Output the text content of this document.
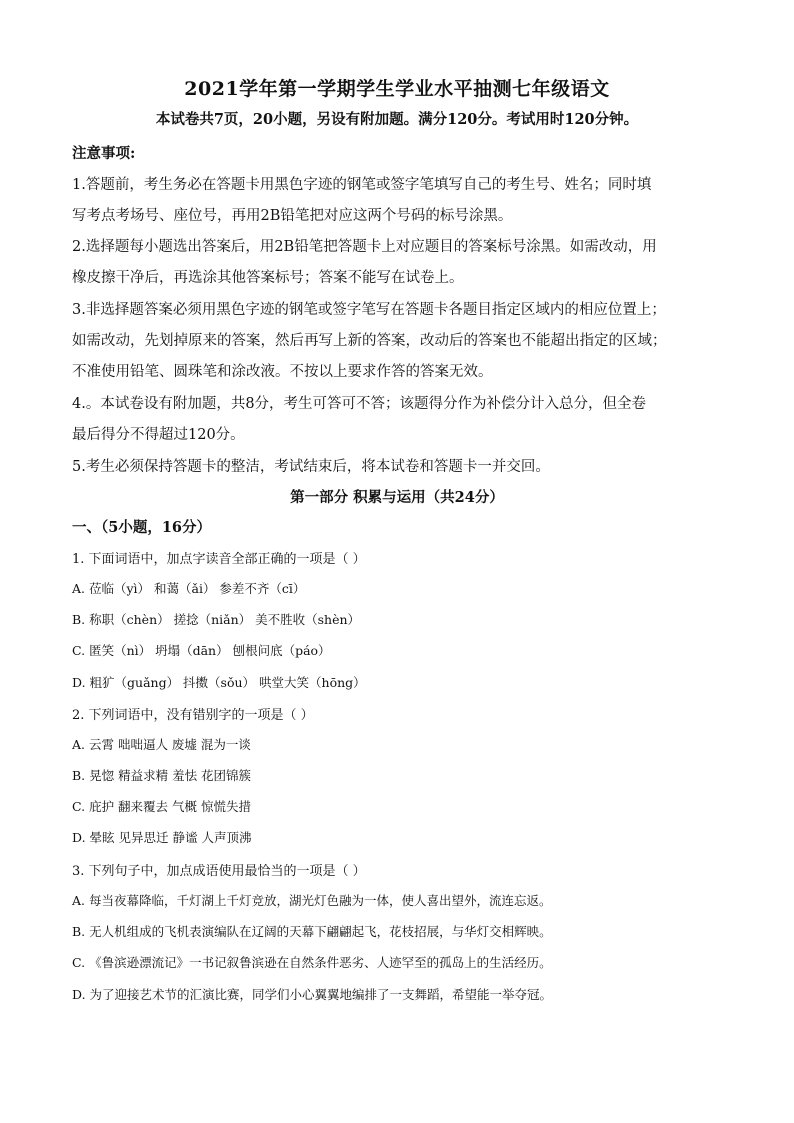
2021学年第一学期学生学业水平抽测七年级语文
本试卷共7页，20小题，另设有附加题。满分120分。考试用时120分钟。
注意事项:
1.答题前，考生务必在答题卡用黑色字迹的钢笔或签字笔填写自己的考生号、姓名；同时填
写考点考场号、座位号，再用2B铅笔把对应这两个号码的标号涂黑。
2.选择题每小题选出答案后，用2B铅笔把答题卡上对应题目的答案标号涂黑。如需改动，用
橡皮擦干净后，再选涂其他答案标号；答案不能写在试卷上。
3.非选择题答案必须用黑色字迹的钢笔或签字笔写在答题卡各题目指定区域内的相应位置上；
如需改动，先划掉原来的答案，然后再写上新的答案，改动后的答案也不能超出指定的区域；
不准使用铅笔、圆珠笔和涂改液。不按以上要求作答的答案无效。
4.。本试卷设有附加题，共8分，考生可答可不答；该题得分作为补偿分计入总分，但全卷
最后得分不得超过120分。
5.考生必须保持答题卡的整洁，考试结束后，将本试卷和答题卡一并交回。
第一部分 积累与运用（共24分）
一、（5小题，16分）
1. 下面词语中，加点字读音全部正确的一项是（ ）
A. 莅临（yì） 和蔼（ǎi） 参差不齐（cī）
B. 称职（chèn） 搓捻（niǎn） 美不胜收（shèn）
C. 匿笑（nì） 坍塌（dān） 刨根问底（páo）
D. 粗犷（guǎng） 抖擞（sǒu） 哄堂大笑（hōng）
2. 下列词语中，没有错别字的一项是（ ）
A. 云霄 咄咄逼人 废墟 混为一谈
B. 晃惚 精益求精 羞怯 花团锦簇
C. 庇护 翻来覆去 气概 惊慌失措
D. 晕眩 见异思迁 静谧 人声顶沸
3. 下列句子中，加点成语使用最恰当的一项是（ ）
A. 每当夜幕降临，千灯湖上千灯竞放，湖光灯色融为一体，使人喜出望外，流连忘返。
B. 无人机组成的飞机表演编队在辽阔的天幕下翩翩起飞，花枝招展，与华灯交相辉映。
C. 《鲁滨逊漂流记》一书记叙鲁滨逊在自然条件恶劣、人迹罕至的孤岛上的生活经历。
D. 为了迎接艺术节的汇演比赛，同学们小心翼翼地编排了一支舞蹈，希望能一举夺冠。
